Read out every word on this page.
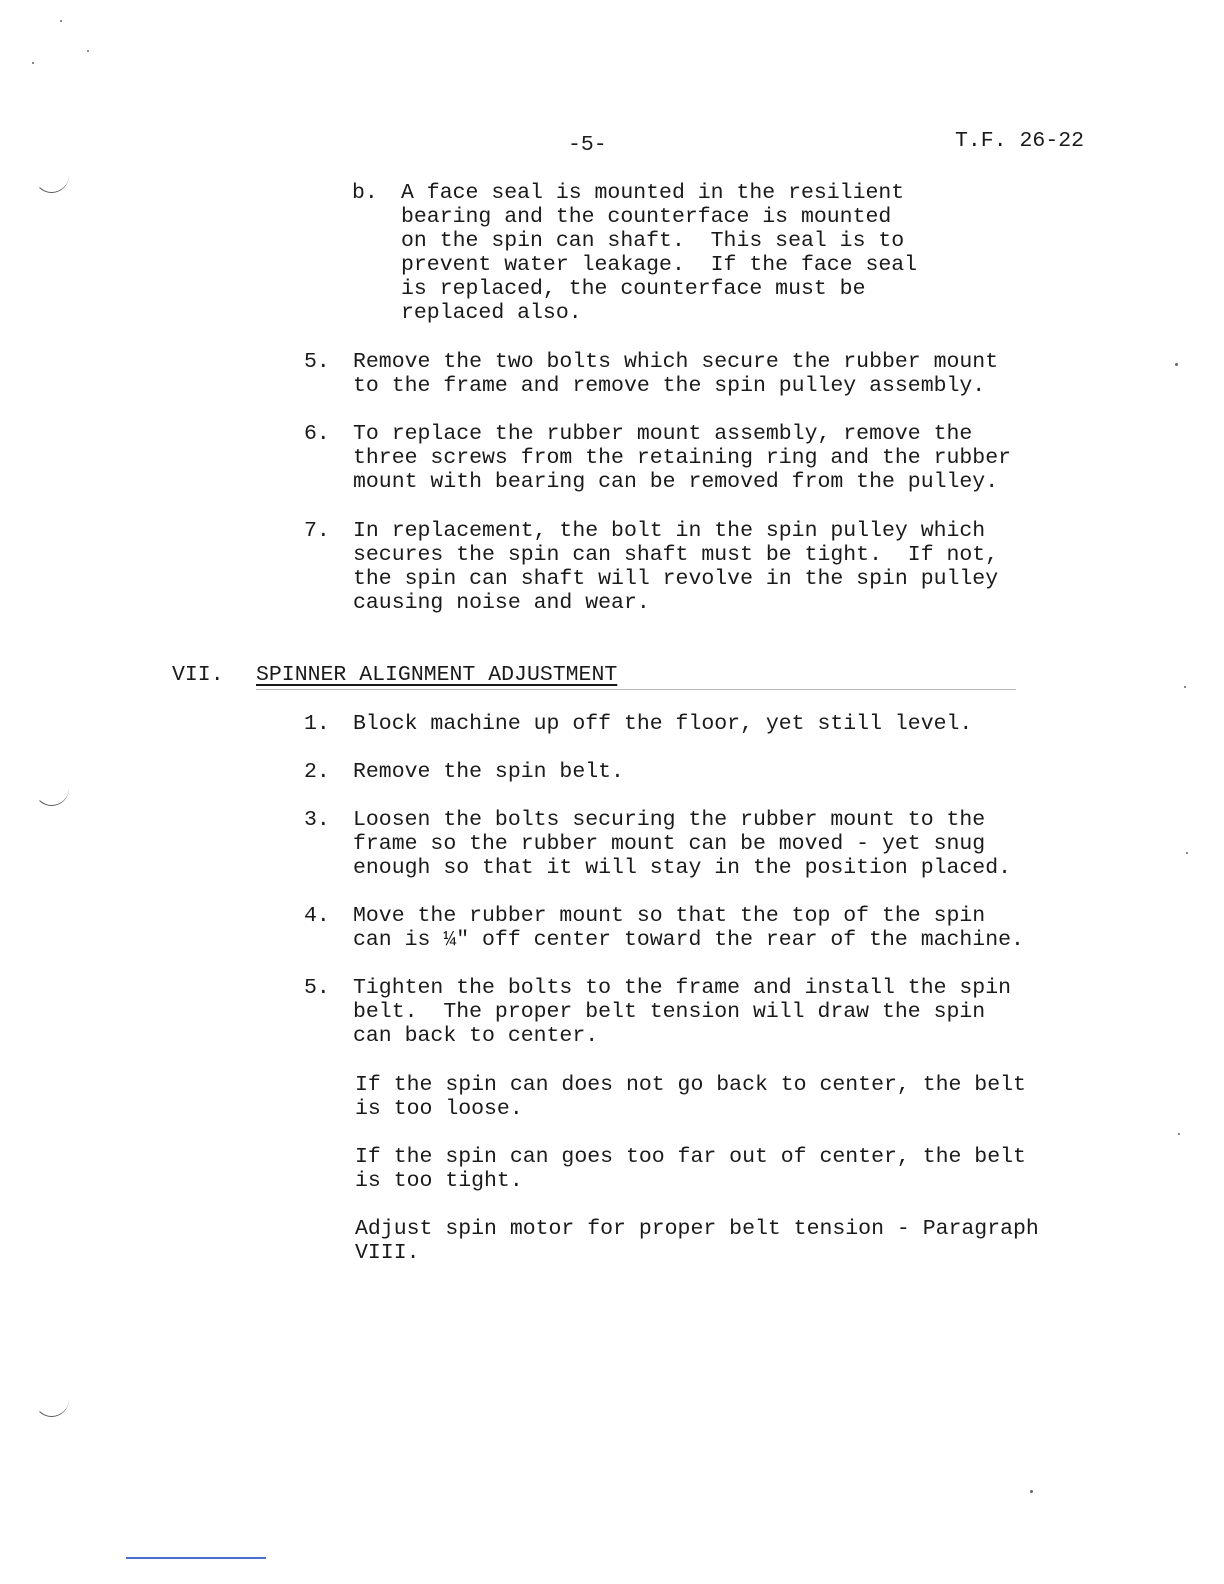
-5-	T.F. 26-22
b. A face seal is mounted in the resilient
bearing and the counterface is mounted
on the spin can shaft.  This seal is to
prevent water leakage.  If the face seal
is replaced, the counterface must be
replaced also.
5. Remove the two bolts which secure the rubber mount
to the frame and remove the spin pulley assembly.
6. To replace the rubber mount assembly, remove the
three screws from the retaining ring and the rubber
mount with bearing can be removed from the pulley.
7. In replacement, the bolt in the spin pulley which
secures the spin can shaft must be tight.  If not,
the spin can shaft will revolve in the spin pulley
causing noise and wear.
VII. SPINNER ALIGNMENT ADJUSTMENT
1. Block machine up off the floor, yet still level.
2. Remove the spin belt.
3. Loosen the bolts securing the rubber mount to the
frame so the rubber mount can be moved - yet snug
enough so that it will stay in the position placed.
4. Move the rubber mount so that the top of the spin
can is ¼" off center toward the rear of the machine.
5. Tighten the bolts to the frame and install the spin
belt.  The proper belt tension will draw the spin
can back to center.
If the spin can does not go back to center, the belt
is too loose.
If the spin can goes too far out of center, the belt
is too tight.
Adjust spin motor for proper belt tension - Paragraph
VIII.
